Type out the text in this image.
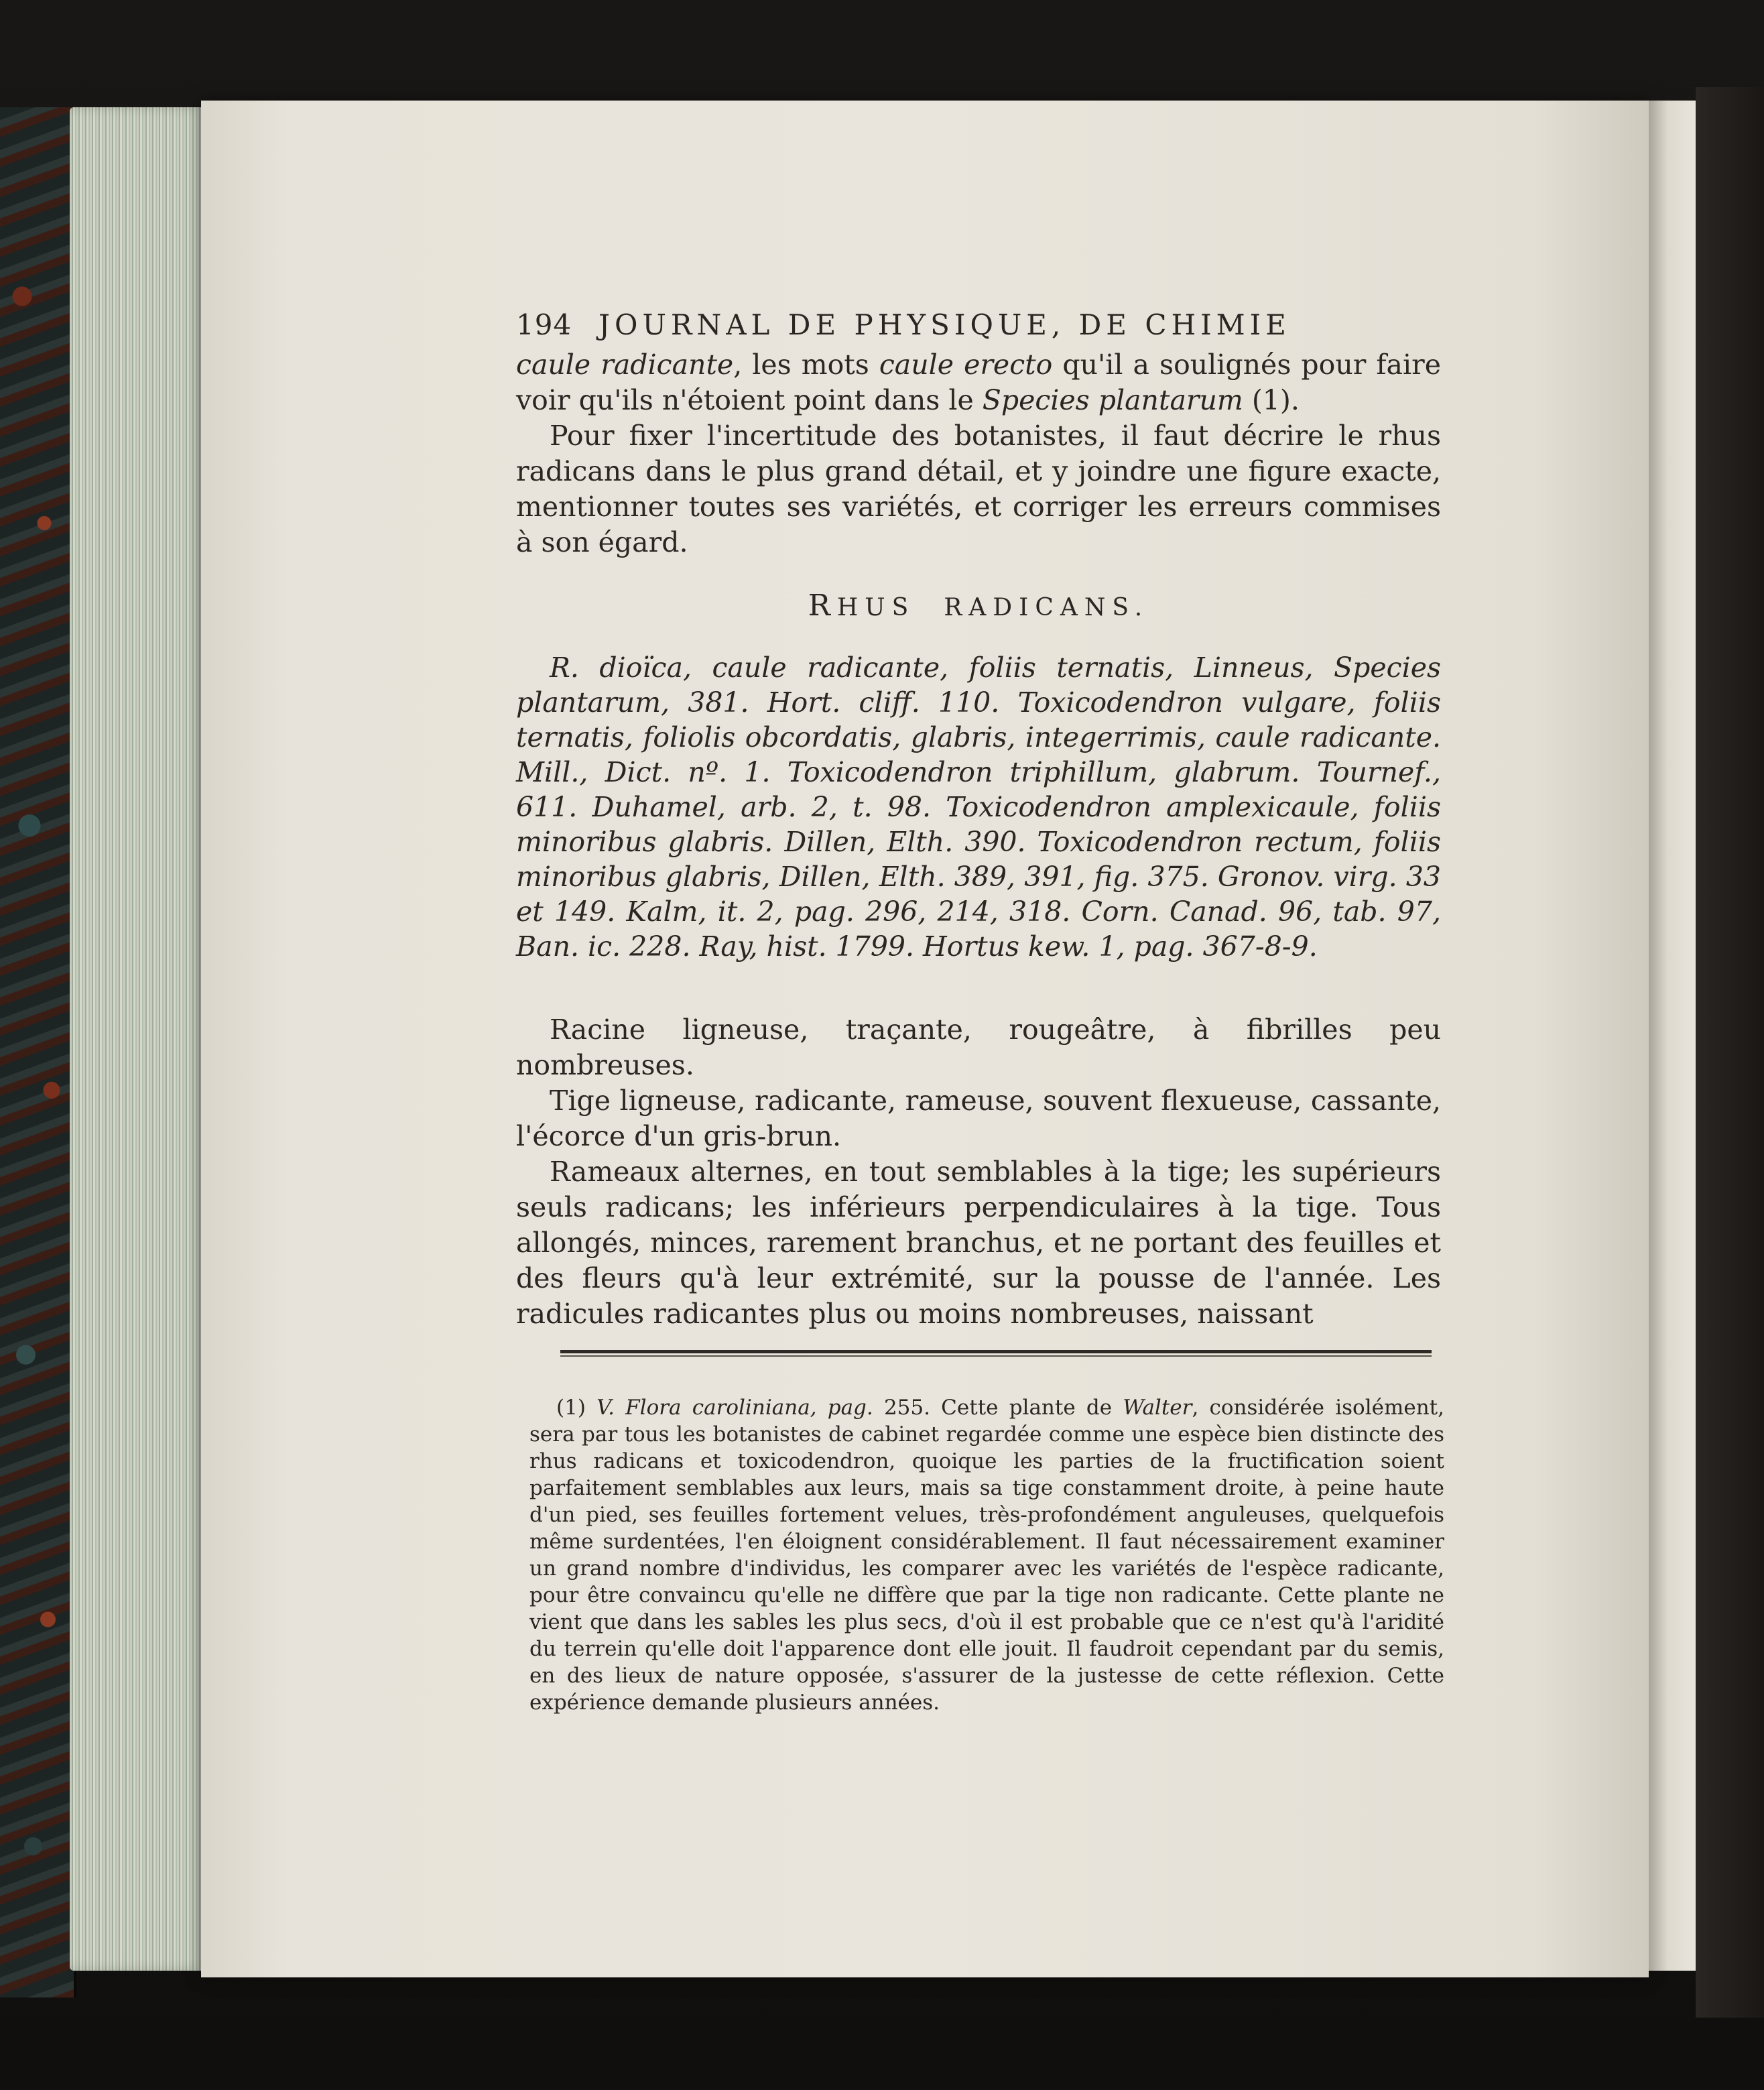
194 JOURNAL DE PHYSIQUE, DE CHIMIE

caule radicante, les mots caule erecto qu'il a soulignés pour faire voir qu'ils n'étoient point dans le Species plantarum (1).

Pour fixer l'incertitude des botanistes, il faut décrire le rhus radicans dans le plus grand détail, et y joindre une figure exacte, mentionner toutes ses variétés, et corriger les erreurs commises à son égard.

RHUS RADICANS.

R. dioïca, caule radicante, foliis ternatis, Linneus, Species plantarum, 381. Hort. cliff. 110. Toxicodendron vulgare, foliis ternatis, foliolis obcordatis, glabris, integerrimis, caule radicante. Mill., Dict. nº. 1. Toxicodendron triphillum, glabrum. Tournef., 611. Duhamel, arb. 2, t. 98. Toxicodendron amplexicaule, foliis minoribus glabris. Dillen, Elth. 390. Toxicodendron rectum, foliis minoribus glabris, Dillen, Elth. 389, 391, fig. 375. Gronov. virg. 33 et 149. Kalm, it. 2, pag. 296, 214, 318. Corn. Canad. 96, tab. 97, Ban. ic. 228. Ray, hist. 1799. Hortus kew. 1, pag. 367-8-9.

Racine ligneuse, traçante, rougeâtre, à fibrilles peu nombreuses.

Tige ligneuse, radicante, rameuse, souvent flexueuse, cassante, l'écorce d'un gris-brun.

Rameaux alternes, en tout semblables à la tige; les supérieurs seuls radicans; les inférieurs perpendiculaires à la tige. Tous allongés, minces, rarement branchus, et ne portant des feuilles et des fleurs qu'à leur extrémité, sur la pousse de l'année. Les radicules radicantes plus ou moins nombreuses, naissant

(1) V. Flora caroliniana, pag. 255. Cette plante de Walter, considérée isolément, sera par tous les botanistes de cabinet regardée comme une espèce bien distincte des rhus radicans et toxicodendron, quoique les parties de la fructification soient parfaitement semblables aux leurs, mais sa tige constamment droite, à peine haute d'un pied, ses feuilles fortement velues, très-profondément anguleuses, quelquefois même surdentées, l'en éloignent considérablement. Il faut nécessairement examiner un grand nombre d'individus, les comparer avec les variétés de l'espèce radicante, pour être convaincu qu'elle ne diffère que par la tige non radicante. Cette plante ne vient que dans les sables les plus secs, d'où il est probable que ce n'est qu'à l'aridité du terrein qu'elle doit l'apparence dont elle jouit. Il faudroit cependant par du semis, en des lieux de nature opposée, s'assurer de la justesse de cette réflexion. Cette expérience demande plusieurs années.
